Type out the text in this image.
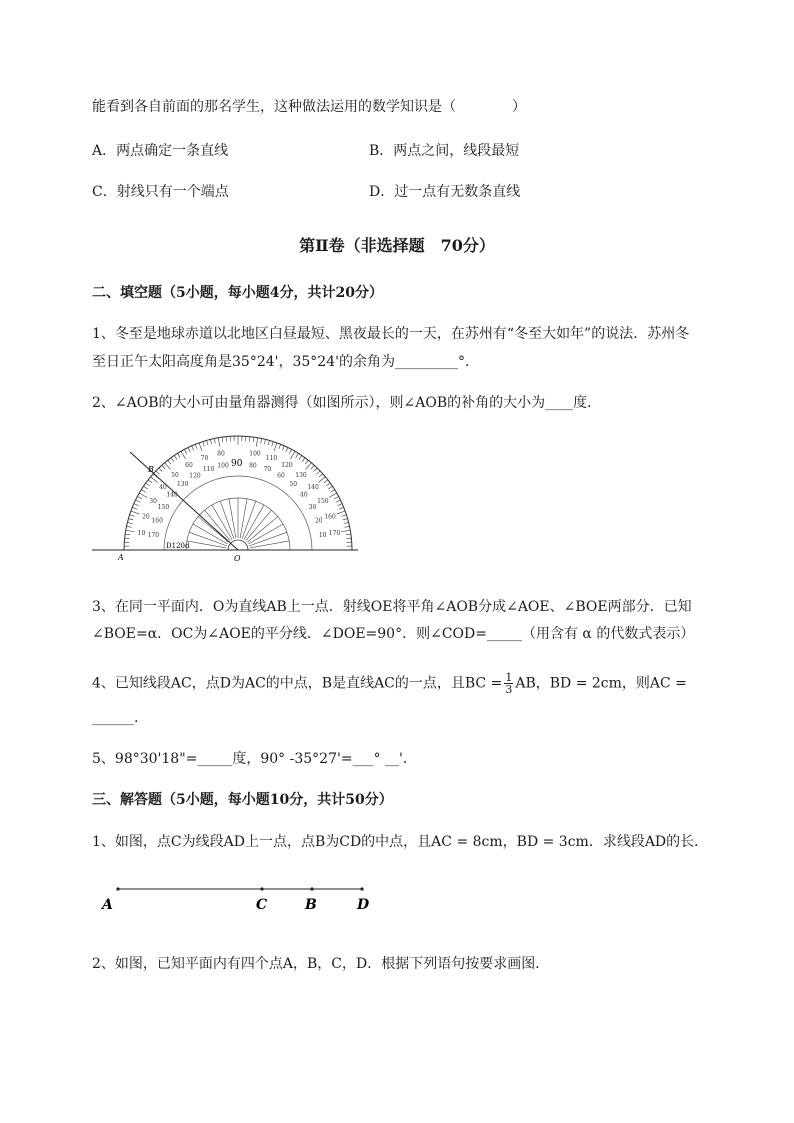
能看到各自前面的那名学生，这种做法运用的数学知识是（　　　　）
A．两点确定一条直线	B．两点之间，线段最短
C．射线只有一个端点	D．过一点有无数条直线
第Ⅱ卷（非选择题　70分）
二、填空题（5小题，每小题4分，共计20分）
1、冬至是地球赤道以北地区白昼最短、黑夜最长的一天，在苏州有“冬至大如年”的说法．苏州冬
至日正午太阳高度角是35°24'，35°24'的余角为_________°．
2、∠AOB的大小可由量角器测得（如图所示），则∠AOB的补角的大小为____度．
10 170
20
160
30
150
40
140
50
130
60
120
70
110
80
100
100
80
110
70
120
60 130
50 140
40
150
30
160
20
170
10
A
B
O
D120d
90
3、在同一平面内．O为直线AB上一点．射线OE将平角∠AOB分成∠AOE、∠BOE两部分．已知
∠BOE=α．OC为∠AOE的平分线．∠DOE=90°．则∠COD=_____（用含有 α 的代数式表示）
4、已知线段AC，点D为AC的中点，B是直线AC的一点，且BC = $\frac{1}{3}$ AB，BD = 2cm，则AC =
______.
5、98°30'18"=_____度，90° -35°27'=___° __'．
三、解答题（5小题，每小题10分，共计50分）
1、如图，点C为线段AD上一点，点B为CD的中点，且AC = 8cm，BD = 3cm．求线段AD的长．
A	C	B	D
2、如图，已知平面内有四个点A，B，C，D．根据下列语句按要求画图．
